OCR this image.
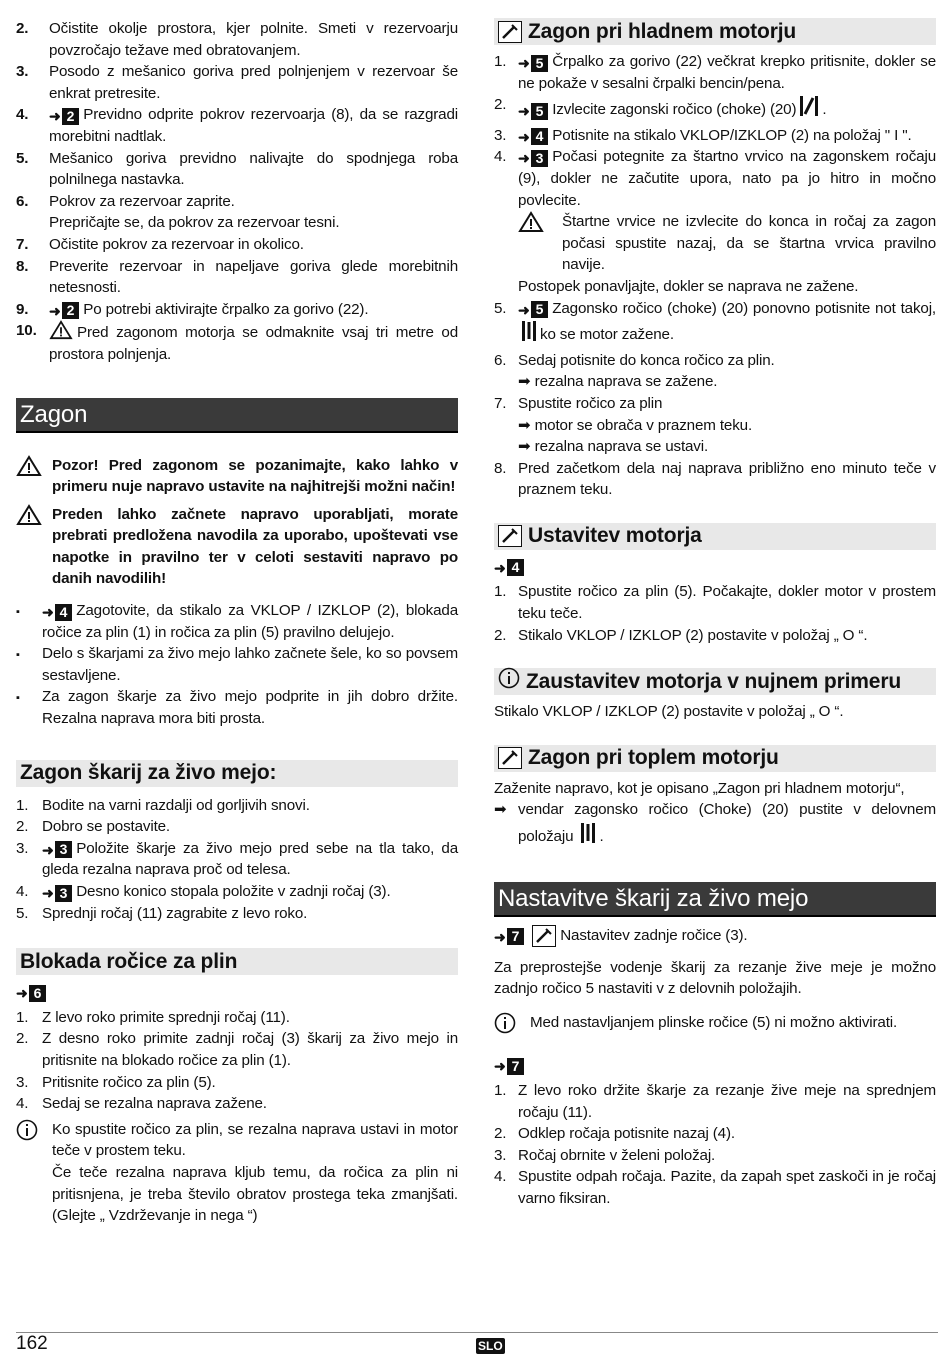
2.	Očistite okolje prostora, kjer polnite. Smeti v rezervoarju povzročajo težave med obratovanjem.
3.	Posodo z mešanico goriva pred polnjenjem v rezervoar še enkrat pretresite.
4.	➜ 2 Previdno odprite pokrov rezervoarja (8), da se razgradi morebitni nadtlak.
5.	Mešanico goriva previdno nalivajte do spodnjega roba polnilnega nastavka.
6.	Pokrov za rezervoar zaprite.
Prepričajte se, da pokrov za rezervoar tesni.
7.	Očistite pokrov za rezervoar in okolico.
8.	Preverite rezervoar in napeljave goriva glede morebitnih netesnosti.
9.	➜ 2 Po potrebi aktivirajte črpalko za gorivo (22).
10.	Pred zagonom motorja se odmaknite vsaj tri metre od prostora polnjenja.
Zagon
Pozor! Pred zagonom se pozanimajte, kako lahko v primeru nuje napravo ustavite na najhitrejši možni način!
Preden lahko začnete napravo uporabljati, morate prebrati predložena navodila za uporabo, upoštevati vse napotke in pravilno ter v celoti sestaviti napravo po danih navodilih!
▪	➜ 4 Zagotovite, da stikalo za VKLOP / IZKLOP (2), blokada ročice za plin (1) in ročica za plin (5) pravilno delujejo.
▪	Delo s škarjami za živo mejo lahko začnete šele, ko so povsem sestavljene.
▪	Za zagon škarje za živo mejo podprite in jih dobro držite. Rezalna naprava mora biti prosta.
Zagon škarij za živo mejo:
1. Bodite na varni razdalji od gorljivih snovi.
2. Dobro se postavite.
3. ➜ 3 Položite škarje za živo mejo pred sebe na tla tako, da gleda rezalna naprava proč od telesa.
4. ➜ 3 Desno konico stopala položite v zadnji ročaj (3).
5. Sprednji ročaj (11) zagrabite z levo roko.
Blokada ročice za plin
➜ 6
1. Z levo roko primite sprednji ročaj (11).
2. Z desno roko primite zadnji ročaj (3) škarij za živo mejo in pritisnite na blokado ročice za plin (1).
3. Pritisnite ročico za plin (5).
4. Sedaj se rezalna naprava zažene.
Ko spustite ročico za plin, se rezalna naprava ustavi in motor teče v prostem teku.
Če teče rezalna naprava kljub temu, da ročica za plin ni pritisnjena, je treba število obratov prostega teka zmanjšati. (Glejte „ Vzdrževanje in nega “)
Zagon pri hladnem motorju
1. ➜ 5 Črpalko za gorivo (22) večkrat krepko pritisnite, dokler se ne pokaže v sesalni črpalki bencin/pena.
2. ➜ 5 Izvlecite zagonski ročico (choke) (20) .
3. ➜ 4 Potisnite na stikalo VKLOP/IZKLOP (2) na položaj " I ".
4. ➜ 3 Počasi potegnite za štartno vrvico na zagonskem ročaju (9), dokler ne začutite upora, nato pa jo hitro in močno povlecite.
Štartne vrvice ne izvlecite do konca in ročaj za zagon počasi spustite nazaj, da se štartna vrvica pravilno navije.
Postopek ponavljajte, dokler se naprava ne zažene.
5. ➜ 5 Zagonsko ročico (choke) (20) ponovno potisnite not takoj,ko se motor zažene.
6. Sedaj potisnite do konca ročico za plin.
➡ rezalna naprava se zažene.
7. Spustite ročico za plin
➡ motor se obrača v praznem teku.
➡ rezalna naprava se ustavi.
8. Pred začetkom dela naj naprava približno eno minuto teče v praznem teku.
Ustavitev motorja
➜ 4
1. Spustite ročico za plin (5). Počakajte, dokler motor v prostem teku teče.
2. Stikalo VKLOP / IZKLOP (2) postavite v položaj „ O “.
Zaustavitev motorja v nujnem primeru
Stikalo VKLOP / IZKLOP (2) postavite v položaj „ O “.
Zagon pri toplem motorju
Zaženite napravo, kot je opisano „Zagon pri hladnem motorju“,
➡ vendar zagonsko ročico (Choke) (20) pustite v delovnem položaju .
Nastavitve škarij za živo mejo
➜ 7	Nastavitev zadnje ročice (3).
Za preprostejše vodenje škarij za rezanje žive meje je možno zadnjo ročico 5 nastaviti v z delovnih položajih.
Med nastavljanjem plinske ročice (5) ni možno aktivirati.
➜ 7
1. Z levo roko držite škarje za rezanje žive meje na sprednjem ročaju (11).
2. Odklep ročaja potisnite nazaj (4).
3. Ročaj obrnite v želeni položaj.
4. Spustite odpah ročaja. Pazite, da zapah spet zaskoči in je ročaj varno fiksiran.
162	SLO
